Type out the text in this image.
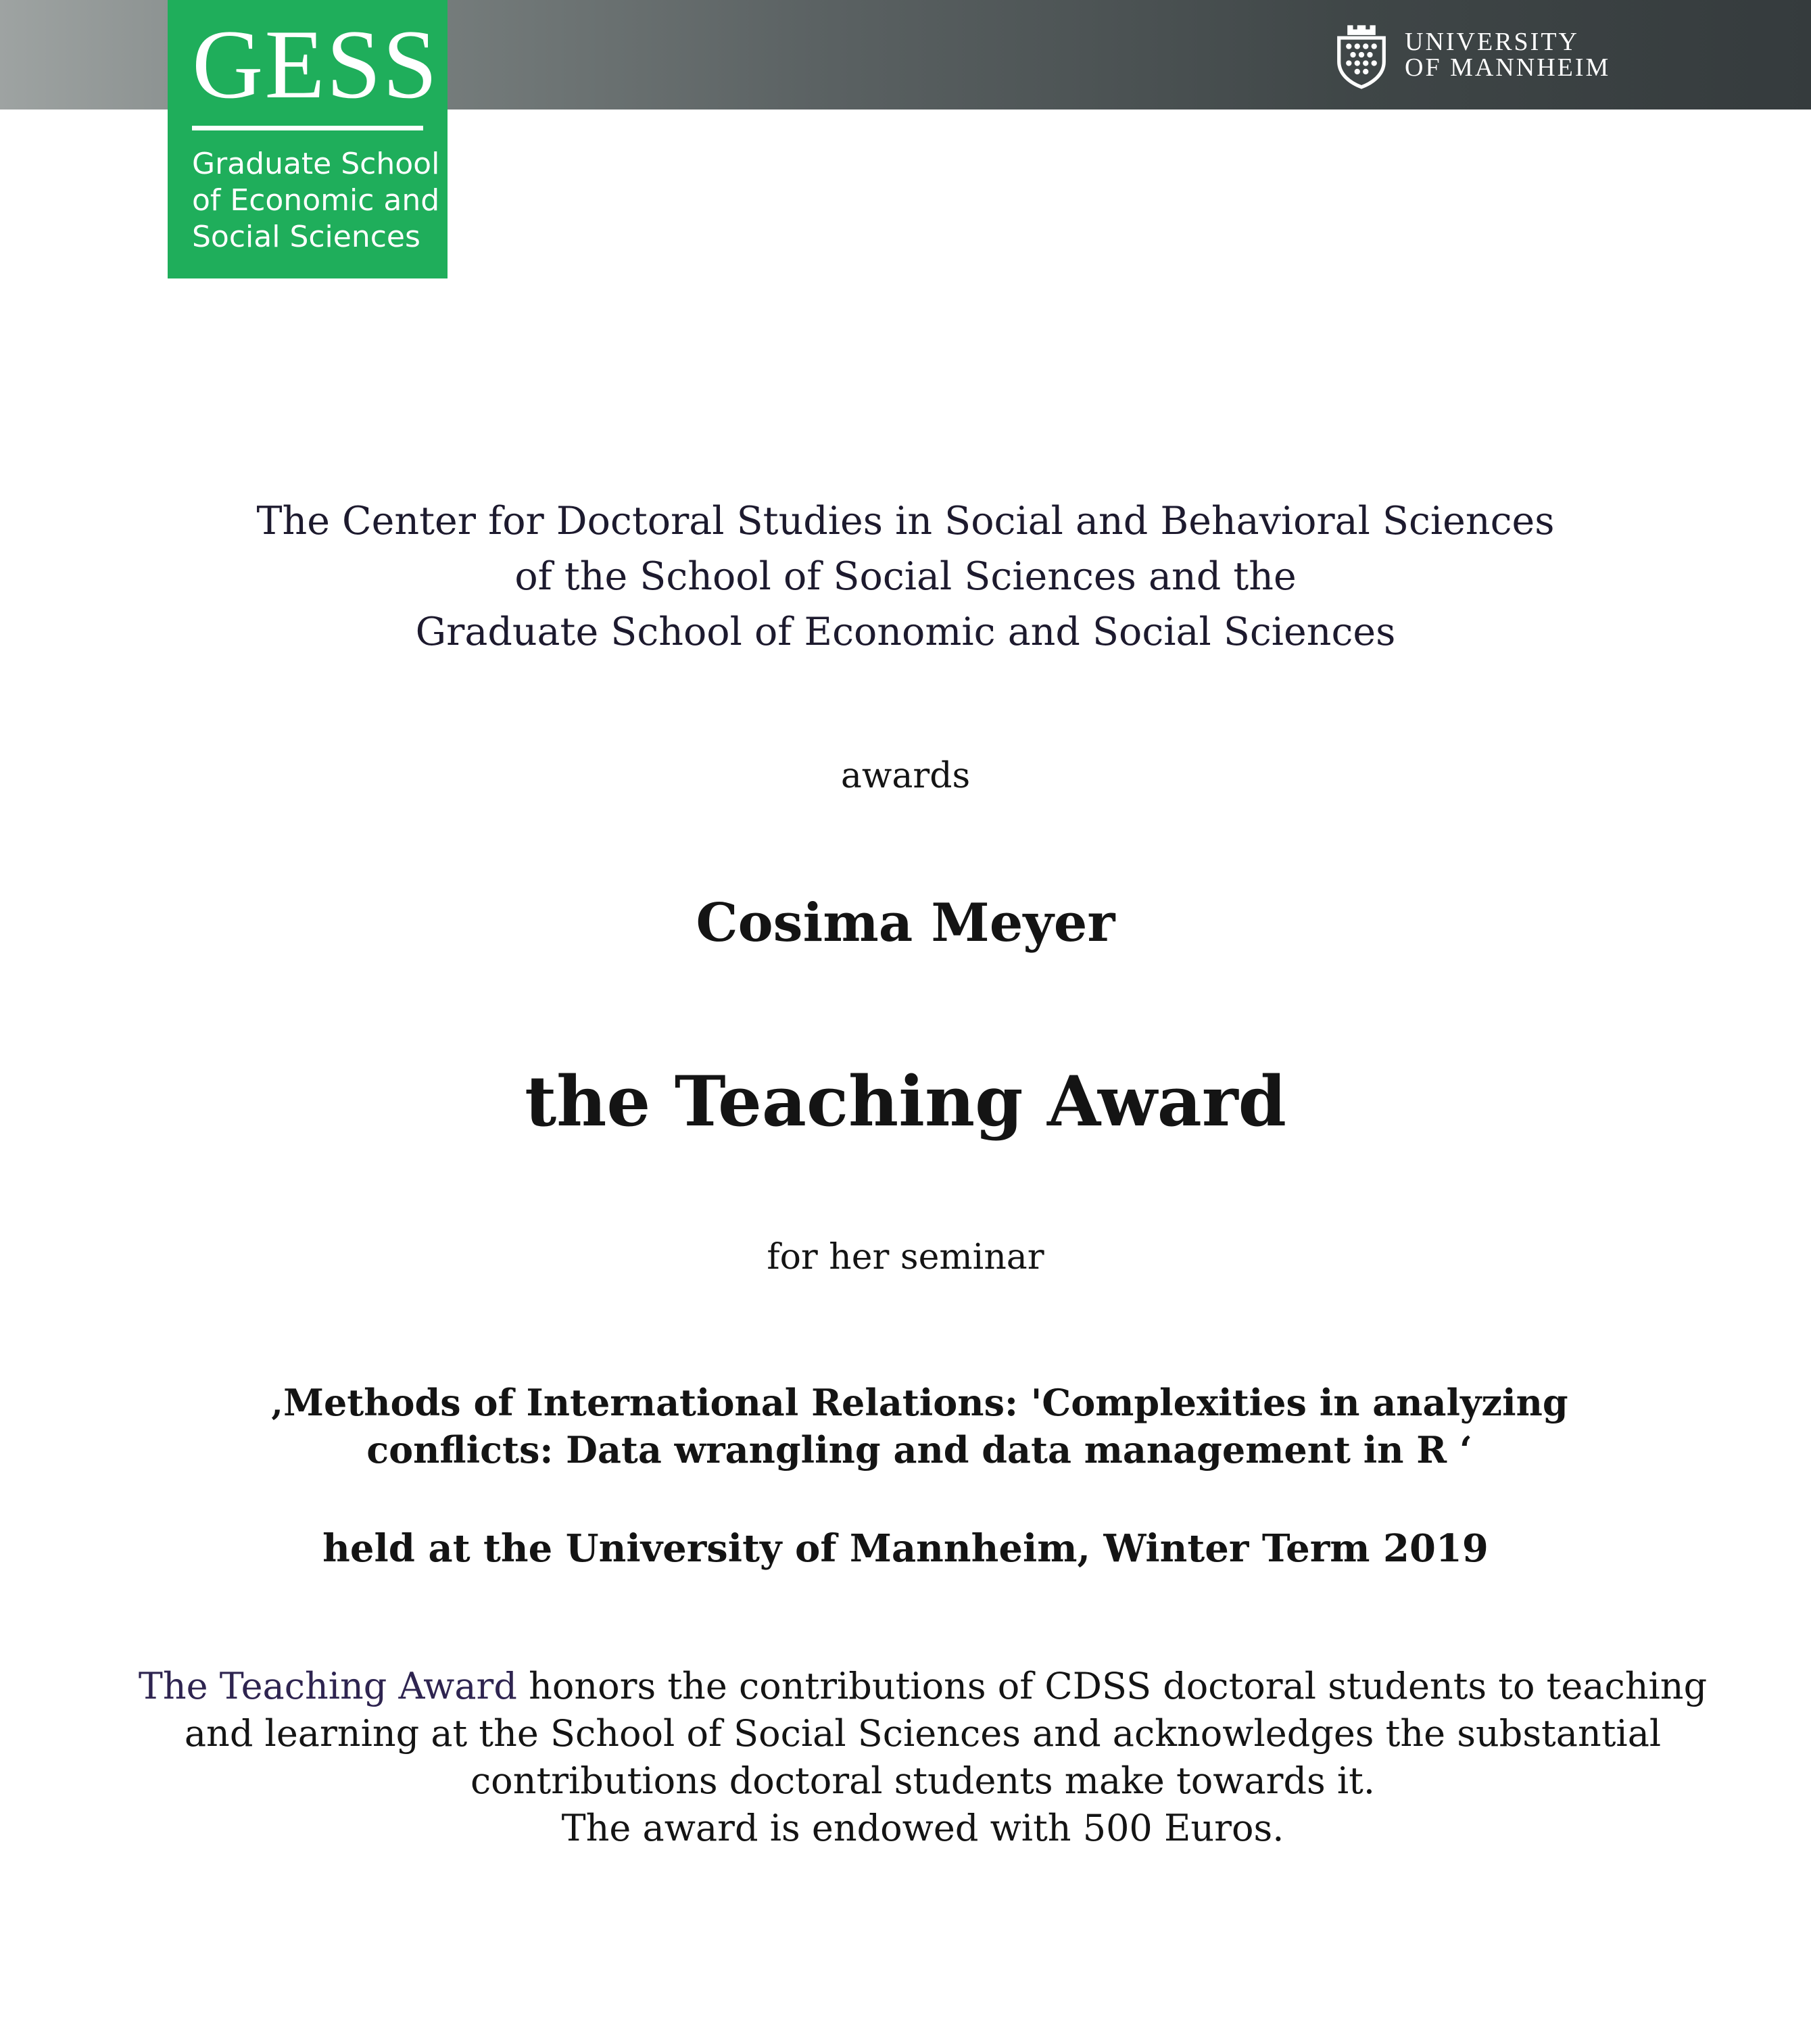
GESS
Graduate School
of Economic and
Social Sciences
UNIVERSITY
OF MANNHEIM
The Center for Doctoral Studies in Social and Behavioral Sciences
of the School of Social Sciences and the
Graduate School of Economic and Social Sciences
awards
Cosima Meyer
the Teaching Award
for her seminar
‚Methods of International Relations: 'Complexities in analyzing conflicts: Data wrangling and data management in R ‘
held at the University of Mannheim, Winter Term 2019
The Teaching Award honors the contributions of CDSS doctoral students to teaching and learning at the School of Social Sciences and acknowledges the substantial contributions doctoral students make towards it.
The award is endowed with 500 Euros.
